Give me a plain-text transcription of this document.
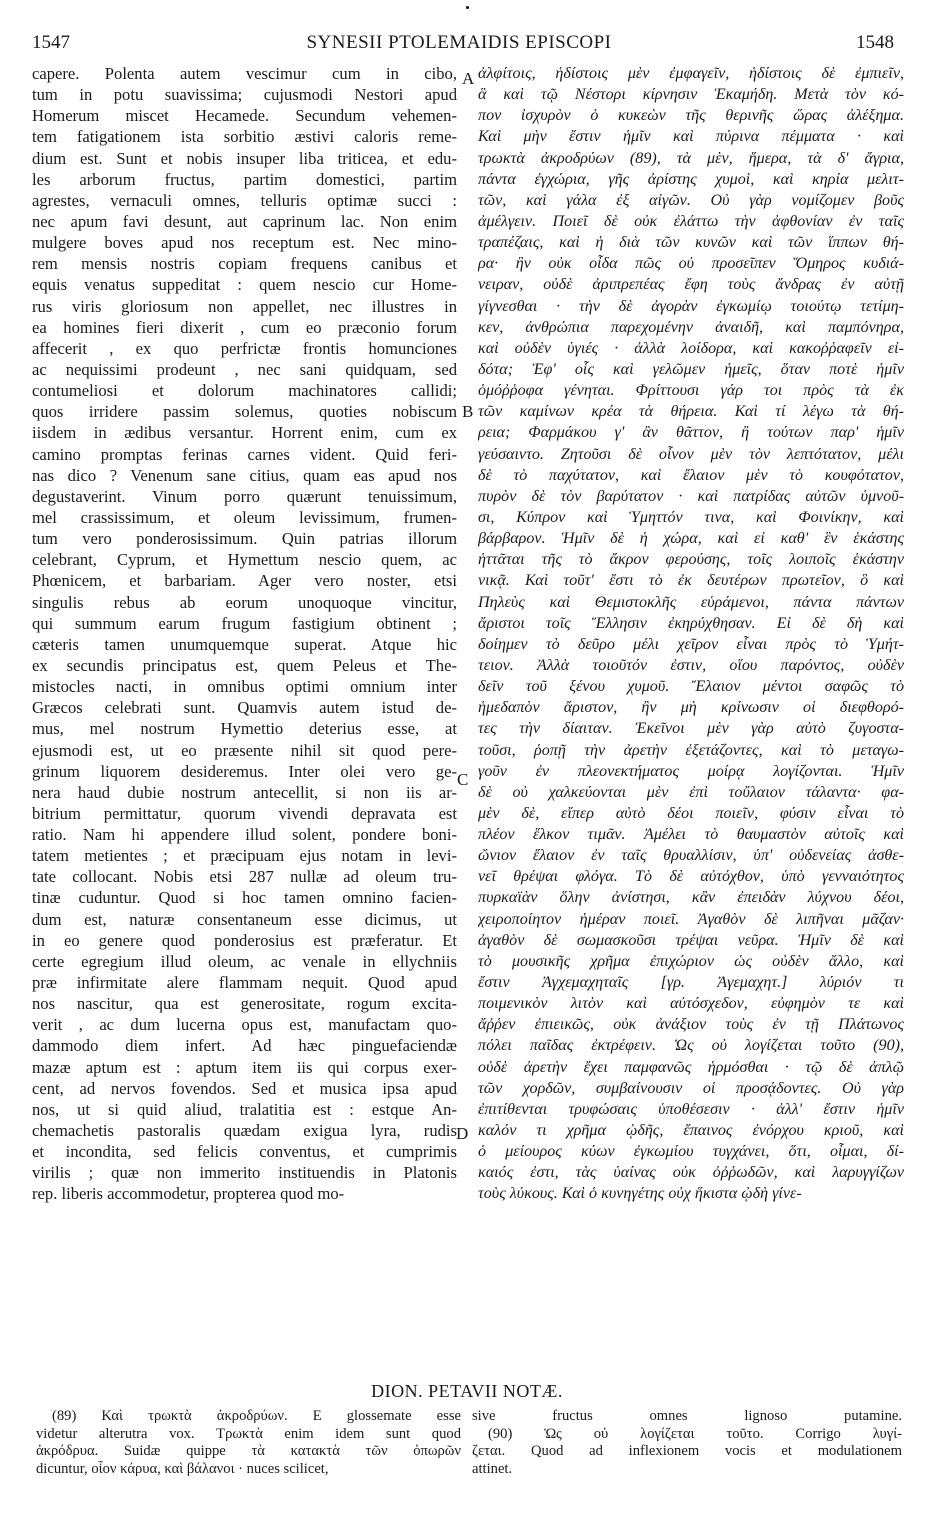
1547	SYNESII PTOLEMAIDIS EPISCOPI	1548
capere. Polenta autem vescimur cum in cibo,
tum in potu suavissima; cujusmodi Nestori apud
Homerum miscet Hecamede. Secundum vehemen-
tem fatigationem ista sorbitio æstivi caloris reme-
dium est. Sunt et nobis insuper liba triticea, et edu-
les arborum fructus, partim domestici, partim
agrestes, vernaculi omnes, telluris optimæ succi :
nec apum favi desunt, aut caprinum lac. Non enim
mulgere boves apud nos receptum est. Nec mino-
rem mensis nostris copiam frequens canibus et
equis venatus suppeditat : quem nescio cur Home-
rus viris gloriosum non appellet, nec illustres in
ea homines fieri dixerit , cum eo præconio forum
affecerit , ex quo perfrictæ frontis homunciones
ac nequissimi prodeunt , nec sani quidquam, sed
contumeliosi et dolorum machinatores callidi;
quos irridere passim solemus, quoties nobiscum
iisdem in ædibus versantur. Horrent enim, cum ex
camino promptas ferinas carnes vident. Quid feri-
nas dico ? Venenum sane citius, quam eas apud nos
degustaverint. Vinum porro quærunt tenuissimum,
mel crassissimum, et oleum levissimum, frumen-
tum vero ponderosissimum. Quin patrias illorum
celebrant, Cyprum, et Hymettum nescio quem, ac
Phœnicem, et barbariam. Ager vero noster, etsi
singulis rebus ab eorum unoquoque vincitur,
qui summum earum frugum fastigium obtinent ;
cæteris tamen unumquemque superat. Atque hic
ex secundis principatus est, quem Peleus et The-
mistocles nacti, in omnibus optimi omnium inter
Græcos celebrati sunt. Quamvis autem istud de-
mus, mel nostrum Hymettio deterius esse, at
ejusmodi est, ut eo præsente nihil sit quod pere-
grinum liquorem desideremus. Inter olei vero ge-
nera haud dubie nostrum antecellit, si non iis ar-
bitrium permittatur, quorum vivendi depravata est
ratio. Nam hi appendere illud solent, pondere boni-
tatem metientes ; et præcipuam ejus notam in levi-
tate collocant. Nobis etsi 287 nullæ ad oleum tru-
tinæ cuduntur. Quod si hoc tamen omnino facien-
dum est, naturæ consentaneum esse dicimus, ut
in eo genere quod ponderosius est præferatur. Et
certe egregium illud oleum, ac venale in ellychniis
præ infirmitate alere flammam nequit. Quod apud
nos nascitur, qua est generositate, rogum excita-
verit , ac dum lucerna opus est, manufactam quo-
dammodo diem infert. Ad hæc pinguefaciendæ
mazæ aptum est : aptum item iis qui corpus exer-
cent, ad nervos fovendos. Sed et musica ipsa apud
nos, ut si quid aliud, tralatitia est : estque An-
chemachetis pastoralis quædam exigua lyra, rudis
et incondita, sed felicis conventus, et cumprimis
virilis ; quæ non immerito instituendis in Platonis
rep. liberis accommodetur, propterea quod mo-
ἀλφίτοις, ἡδίστοις μὲν ἐμφαγεῖν, ἡδίστοις δὲ ἐμπιεῖν,
ἃ καὶ τῷ Νέστορι κίρνησιν Ἑκαμήδη. Μετὰ τὸν κό-
πον ἰσχυρὸν ὁ κυκεὼν τῆς θερινῆς ὥρας ἀλέξημα.
Καὶ μὴν ἔστιν ἡμῖν καὶ πύρινα πέμματα · καὶ
τρωκτὰ ἀκροδρύων (89), τὰ μὲν, ἥμερα, τὰ δ' ἄγρια,
πάντα ἐγχώρια, γῆς ἀρίστης χυμοὶ, καὶ κηρία μελιτ-
τῶν, καὶ γάλα ἐξ αἰγῶν. Οὐ γὰρ νομίζομεν βοῦς
ἀμέλγειν. Ποιεῖ δὲ οὐκ ἐλάττω τὴν ἀφθονίαν ἐν ταῖς
τραπέζαις, καὶ ἡ διὰ τῶν κυνῶν καὶ τῶν ἵππων θή-
ρα· ἣν οὐκ οἶδα πῶς οὐ προσεῖπεν Ὅμηρος κυδιά-
νειραν, οὐδὲ ἀριπρεπέας ἔφη τοὺς ἄνδρας ἐν αὐτῇ
γίγνεσθαι · τὴν δὲ ἀγορὰν ἐγκωμίῳ τοιούτῳ τετίμη-
κεν, ἀνθρώπια παρεχομένην ἀναιδῆ, καὶ παμπόνηρα,
καὶ οὐδὲν ὑγιές · ἀλλὰ λοίδορα, καὶ κακοῤῥαφεῖν εἰ-
δότα; Ἐφ' οἷς καὶ γελῶμεν ἡμεῖς, ὅταν ποτὲ ἡμῖν
ὁμόῤῥοφα γένηται. Φρίττουσι γάρ τοι πρὸς τὰ ἐκ
τῶν καμίνων κρέα τὰ θήρεια. Καὶ τί λέγω τὰ θή-
ρεια; Φαρμάκου γ' ἂν θᾶττον, ἢ τούτων παρ' ἡμῖν
γεύσαιντο. Ζητοῦσι δὲ οἶνον μὲν τὸν λεπτότατον, μέλι
δὲ τὸ παχύτατον, καὶ ἔλαιον μὲν τὸ κουφότατον,
πυρὸν δὲ τὸν βαρύτατον · καὶ πατρίδας αὐτῶν ὑμνοῦ-
σι, Κύπρον καὶ Ὑμηττόν τινα, καὶ Φοινίκην, καὶ
βάρβαρον. Ἡμῖν δὲ ἡ χώρα, καὶ εἰ καθ' ἓν ἑκάστης
ἡττᾶται τῆς τὸ ἄκρον φερούσης, τοῖς λοιποῖς ἑκάστην
νικᾷ. Καὶ τοῦτ' ἔστι τὸ ἐκ δευτέρων πρωτεῖον, ὃ καὶ
Πηλεὺς καὶ Θεμιστοκλῆς εὑράμενοι, πάντα πάντων
ἄριστοι τοῖς Ἕλλησιν ἐκηρύχθησαν. Εἰ δὲ δὴ καὶ
δοίημεν τὸ δεῦρο μέλι χεῖρον εἶναι πρὸς τὸ Ὑμήτ-
τειον. Ἀλλὰ τοιοῦτόν ἐστιν, οἵου παρόντος, οὐδὲν
δεῖν τοῦ ξένου χυμοῦ. Ἔλαιον μέντοι σαφῶς τὸ
ἡμεδαπὸν ἄριστον, ἢν μὴ κρίνωσιν οἱ διεφθορό-
τες τὴν δίαιταν. Ἐκεῖνοι μὲν γὰρ αὐτὸ ζυγοστα-
τοῦσι, ῥοπῇ τὴν ἀρετὴν ἐξετάζοντες, καὶ τὸ μεταγω-
γοῦν ἐν πλεονεκτήματος μοίρᾳ λογίζονται. Ἡμῖν
δὲ οὐ χαλκεύονται μὲν ἐπὶ τοὔλαιον τάλαντα· φα-
μὲν δὲ, εἴπερ αὐτὸ δέοι ποιεῖν, φύσιν εἶναι τὸ
πλέον ἕλκον τιμᾶν. Ἀμέλει τὸ θαυμαστὸν αὐτοῖς καὶ
ὤνιον ἔλαιον ἐν ταῖς θρυαλλίσιν, ὑπ' οὐδενείας ἀσθε-
νεῖ θρέψαι φλόγα. Τὸ δὲ αὐτόχθον, ὑπὸ γενναιότητος
πυρκαϊὰν ὅλην ἀνίστησι, κἂν ἐπειδὰν λύχνου δέοι,
χειροποίητον ἡμέραν ποιεῖ. Ἀγαθὸν δὲ λιπῆναι μᾶζαν·
ἀγαθὸν δὲ σωμασκοῦσι τρέψαι νεῦρα. Ἡμῖν δὲ καὶ
τὸ μουσικῆς χρῆμα ἐπιχώριον ὡς οὐδὲν ἄλλο, καὶ
ἔστιν Ἀγχεμαχηταῖς [γρ. Ἀγεμαχητ.] λύριόν τι
ποιμενικὸν λιτὸν καὶ αὐτόσχεδον, εὐφημὸν τε καὶ
ἄῤῥεν ἐπιεικῶς, οὐκ ἀνάξιον τοὺς ἐν τῇ Πλάτωνος
πόλει παῖδας ἐκτρέφειν. Ὡς οὐ λογίζεται τοῦτο (90),
οὐδὲ ἀρετὴν ἔχει παμφανῶς ἡρμόσθαι · τῷ δὲ ἀπλῷ
τῶν χορδῶν, συμβαίνουσιν οἱ προσᾴδοντες. Οὐ γὰρ
ἐπιτίθενται τρυφώσαις ὑποθέσεσιν · ἀλλ' ἔστιν ἡμῖν
καλόν τι χρῆμα ᾠδῆς, ἔπαινος ἐνόρχου κριοῦ, καὶ
ὁ μείουρος κύων ἐγκωμίου τυγχάνει, ὅτι, οἶμαι, δί-
καιός ἐστι, τὰς ὑαίνας οὐκ ὀῤῥωδῶν, καὶ λαρυγγίζων
τοὺς λύκους. Καὶ ὁ κυνηγέτης οὐχ ἥκιστα ᾠδὴ γίνε-
A
B
C
D
DION. PETAVII NOTÆ.
(89) Καὶ τρωκτὰ ἀκροδρύων. E glossemate esse
videtur alterutra vox. Τρωκτὰ enim idem sunt quod
ἀκρόδρυα. Suidæ quippe τὰ κατακτὰ τῶν ὀπωρῶν
dicuntur, οἷον κάρυα, καὶ βάλανοι · nuces scilicet,
sive fructus omnes lignoso putamine.
(90) Ὡς οὐ λογίζεται τοῦτο. Corrigo λυγί-
ζεται. Quod ad inflexionem vocis et modulationem
attinet.
